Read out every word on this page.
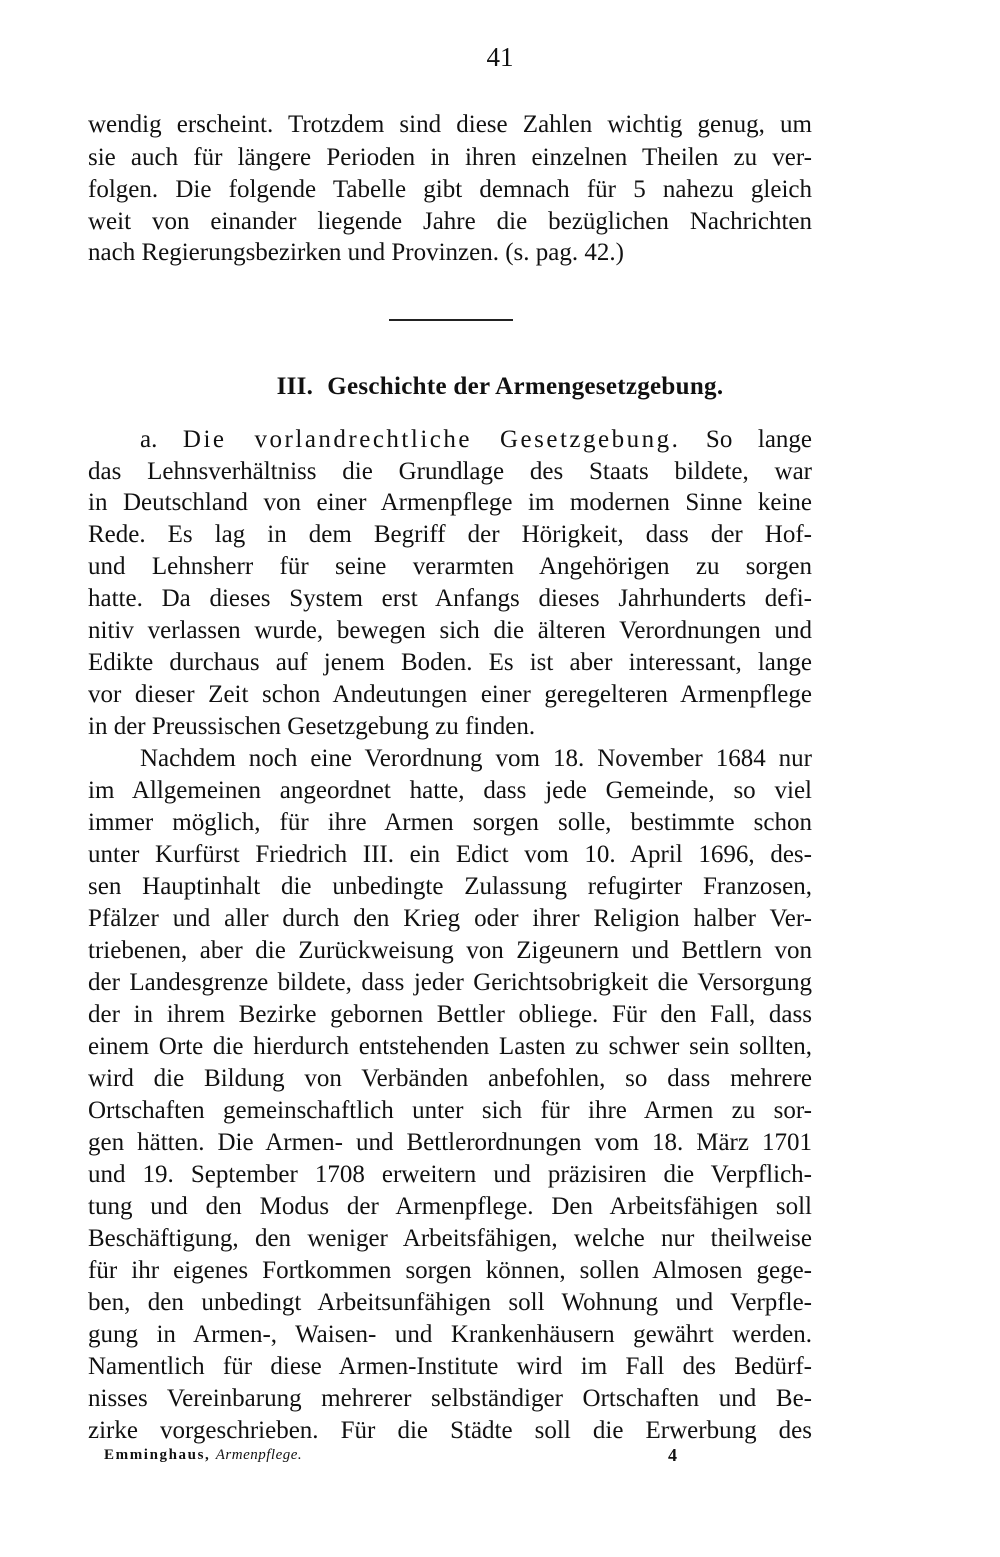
41
wendig erscheint. Trotzdem sind diese Zahlen wichtig genug, um
sie auch für längere Perioden in ihren einzelnen Theilen zu ver-
folgen. Die folgende Tabelle gibt demnach für 5 nahezu gleich
weit von einander liegende Jahre die bezüglichen Nachrichten
nach Regierungsbezirken und Provinzen. (s. pag. 42.)
III. Geschichte der Armengesetzgebung.
a. Die vorlandrechtliche Gesetzgebung. So lange
das Lehnsverhältniss die Grundlage des Staats bildete, war
in Deutschland von einer Armenpflege im modernen Sinne keine
Rede. Es lag in dem Begriff der Hörigkeit, dass der Hof-
und Lehnsherr für seine verarmten Angehörigen zu sorgen
hatte. Da dieses System erst Anfangs dieses Jahrhunderts defi-
nitiv verlassen wurde, bewegen sich die älteren Verordnungen und
Edikte durchaus auf jenem Boden. Es ist aber interessant, lange
vor dieser Zeit schon Andeutungen einer geregelteren Armenpflege
in der Preussischen Gesetzgebung zu finden.
Nachdem noch eine Verordnung vom 18. November 1684 nur
im Allgemeinen angeordnet hatte, dass jede Gemeinde, so viel
immer möglich, für ihre Armen sorgen solle, bestimmte schon
unter Kurfürst Friedrich III. ein Edict vom 10. April 1696, des-
sen Hauptinhalt die unbedingte Zulassung refugirter Franzosen,
Pfälzer und aller durch den Krieg oder ihrer Religion halber Ver-
triebenen, aber die Zurückweisung von Zigeunern und Bettlern von
der Landesgrenze bildete, dass jeder Gerichtsobrigkeit die Versorgung
der in ihrem Bezirke gebornen Bettler obliege. Für den Fall, dass
einem Orte die hierdurch entstehenden Lasten zu schwer sein sollten,
wird die Bildung von Verbänden anbefohlen, so dass mehrere
Ortschaften gemeinschaftlich unter sich für ihre Armen zu sor-
gen hätten. Die Armen- und Bettlerordnungen vom 18. März 1701
und 19. September 1708 erweitern und präzisiren die Verpflich-
tung und den Modus der Armenpflege. Den Arbeitsfähigen soll
Beschäftigung, den weniger Arbeitsfähigen, welche nur theilweise
für ihr eigenes Fortkommen sorgen können, sollen Almosen gege-
ben, den unbedingt Arbeitsunfähigen soll Wohnung und Verpfle-
gung in Armen-, Waisen- und Krankenhäusern gewährt werden.
Namentlich für diese Armen-Institute wird im Fall des Bedürf-
nisses Vereinbarung mehrerer selbständiger Ortschaften und Be-
zirke vorgeschrieben. Für die Städte soll die Erwerbung des
Emminghaus, Armenpflege.	4
